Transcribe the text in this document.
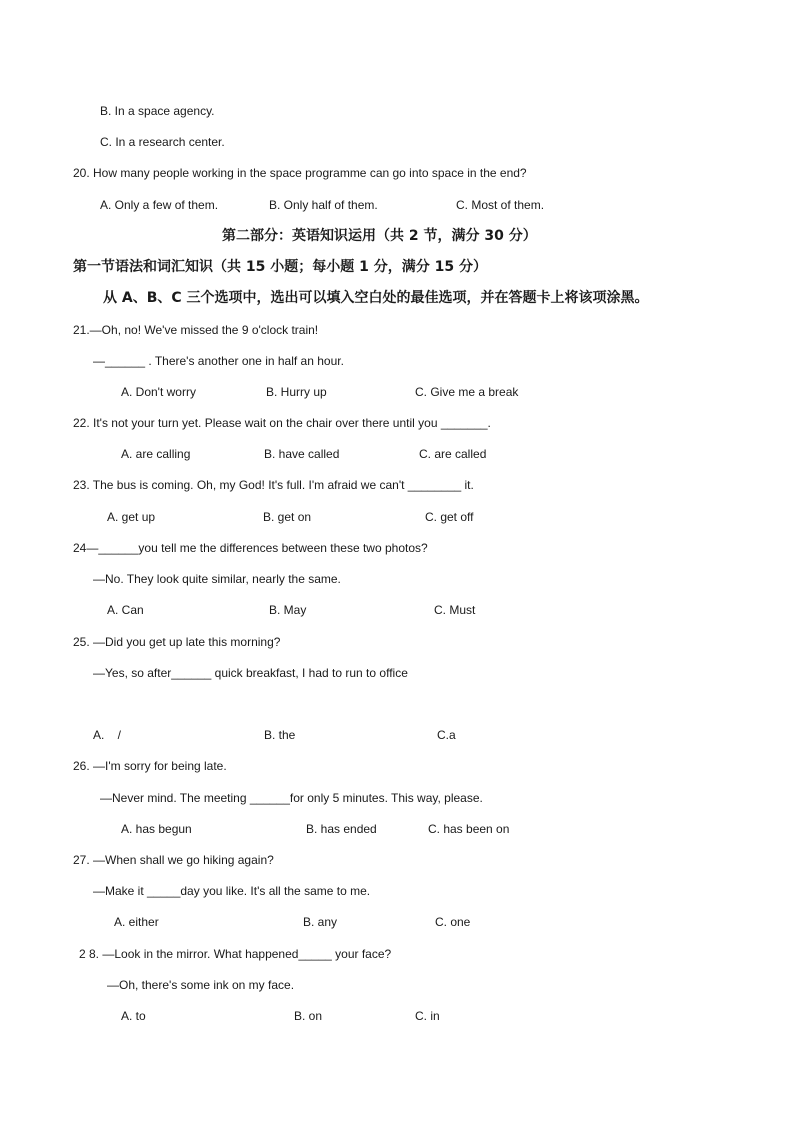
B. In a space agency.
C. In a research center.
20. How many people working in the space programme can go into space in the end?
A. Only a few of them.	B. Only half of them.	C. Most of them.
第二部分：英语知识运用（共 2 节，满分 30 分）
第一节语法和词汇知识（共 15 小题；每小题 1 分，满分 15 分）
从 A、B、C 三个选项中，选出可以填入空白处的最佳选项，并在答题卡上将该项涂黑。
21.—Oh, no! We've missed the 9 o'clock train!
—______ . There's another one in half an hour.
A. Don't worry	B. Hurry up	C. Give me a break
22. It's not your turn yet. Please wait on the chair over there until you _______.
A. are calling	B. have called	C. are called
23. The bus is coming. Oh, my God! It's full. I'm afraid we can't ________ it.
A. get up	B. get on	C. get off
24—______you tell me the differences between these two photos?
—No. They look quite similar, nearly the same.
A. Can	B. May	C. Must
25. —Did you get up late this morning?
—Yes, so after______ quick breakfast, I had to run to office
A.    /	B. the	C.a
26. —I'm sorry for being late.
—Never mind. The meeting ______for only 5 minutes. This way, please.
A. has begun	B. has ended	C. has been on
27. —When shall we go hiking again?
—Make it _____day you like. It's all the same to me.
A. either	B. any	C. one
2 8. —Look in the mirror. What happened_____ your face?
—Oh, there's some ink on my face.
A. to	B. on	C. in
